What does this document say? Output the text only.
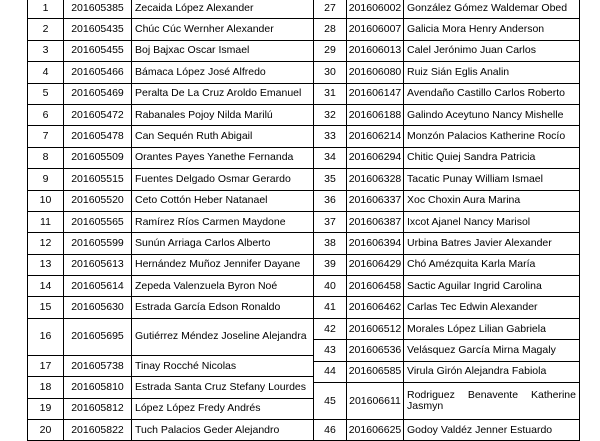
1	201605385	Zecaida López Alexander
2	201605435	Chúc Cúc Wernher Alexander
3	201605455	Boj Bajxac Oscar Ismael
4	201605466	Bámaca López José Alfredo
5	201605469	Peralta De La Cruz Aroldo Emanuel
6	201605472	Rabanales Pojoy Nilda Marilú
7	201605478	Can Sequén Ruth Abigail
8	201605509	Orantes Payes Yanethe Fernanda
9	201605515	Fuentes Delgado Osmar Gerardo
10	201605520	Ceto Cottón Heber Natanael
11	201605565	Ramírez Ríos Carmen Maydone
12	201605599	Sunún Arriaga Carlos Alberto
13	201605613	Hernández Muñoz Jennifer Dayane
14	201605614	Zepeda Valenzuela Byron Noé
15	201605630	Estrada García Edson Ronaldo
16	201605695	Gutiérrez Méndez Joseline Alejandra
17	201605738	Tinay Rocché Nicolas
18	201605810	Estrada Santa Cruz Stefany Lourdes
19	201605812	López López Fredy Andrés
20	201605822	Tuch Palacios Geder Alejandro
27	201606002	González Gómez Waldemar Obed
28	201606007	Galicia Mora Henry Anderson
29	201606013	Calel Jerónimo Juan Carlos
30	201606080	Ruiz Sián Eglis Analin
31	201606147	Avendaño Castillo Carlos Roberto
32	201606188	Galindo Aceytuno Nancy Mishelle
33	201606214	Monzón Palacios Katherine Rocío
34	201606294	Chitic Quiej Sandra Patricia
35	201606328	Tacatic Punay William Ismael
36	201606337	Xoc Choxin Aura Marina
37	201606387	Ixcot Ajanel Nancy Marisol
38	201606394	Urbina Batres Javier Alexander
39	201606429	Chó Amézquita Karla María
40	201606458	Sactic Aguilar Ingrid Carolina
41	201606462	Carlas Tec Edwin Alexander
42	201606512	Morales López Lilian Gabriela
43	201606536	Velásquez García Mirna Magaly
44	201606585	Virula Girón Alejandra Fabiola
45	201606611	Rodriguez Benavente Katherine Jasmyn
46	201606625	Godoy Valdéz Jenner Estuardo
